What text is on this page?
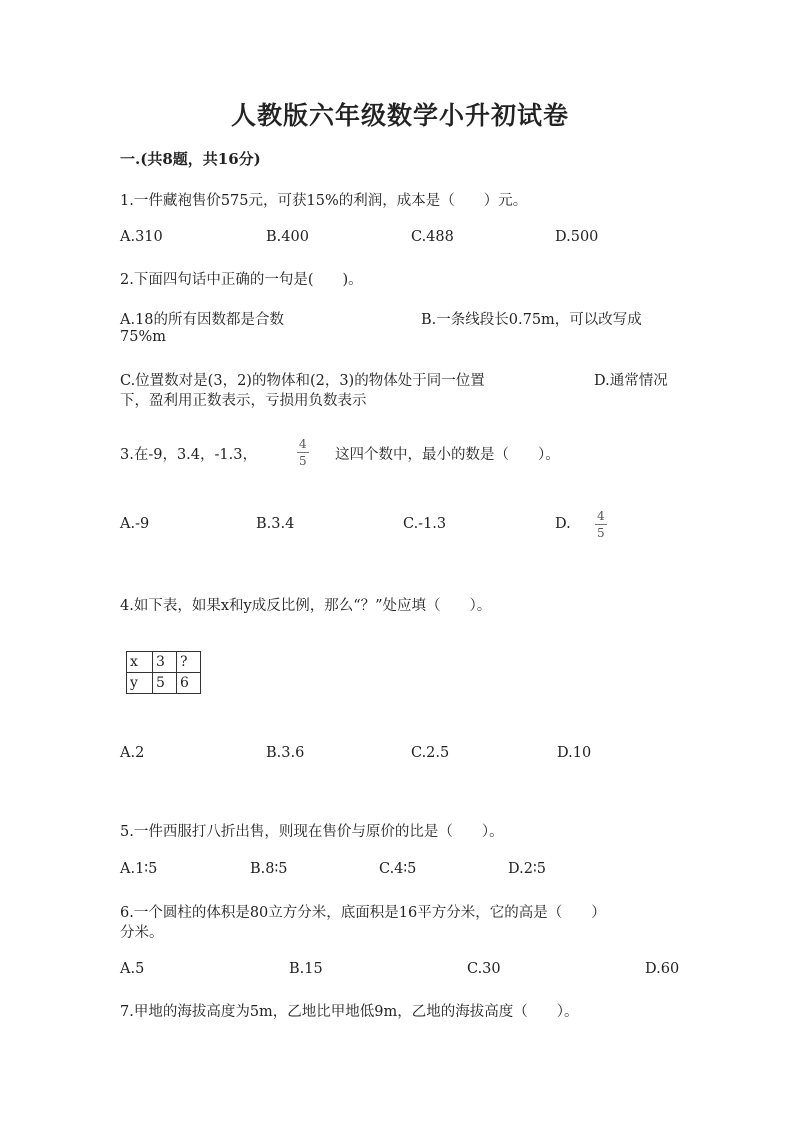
人教版六年级数学小升初试卷
一.(共8题，共16分)
1.一件藏袍售价575元，可获15%的利润，成本是（　　）元。
A.310	B.400	C.488	D.500
2.下面四句话中正确的一句是(　　)。
A.18的所有因数都是合数	B.一条线段长0.75m，可以改写成
75%m
C.位置数对是(3，2)的物体和(2，3)的物体处于同一位置	D.通常情况
下，盈利用正数表示，亏损用负数表示
3.在-9，3.4，-1.3，	$\frac{4}{5}$ 这四个数中，最小的数是（　　）。
A.-9	B.3.4	C.-1.3	D. $\frac{4}{5}$
4.如下表，如果x和y成反比例，那么“？”处应填（　　）。
x	3	?
y	5	6
A.2	B.3.6	C.2.5	D.10
5.一件西服打八折出售，则现在售价与原价的比是（　　）。
A.1∶5	B.8∶5	C.4∶5	D.2∶5
6.一个圆柱的体积是80立方分米，底面积是16平方分米，它的高是（　　）
分米。
A.5	B.15	C.30	D.60
7.甲地的海拔高度为5m，乙地比甲地低9m，乙地的海拔高度（　　）。
